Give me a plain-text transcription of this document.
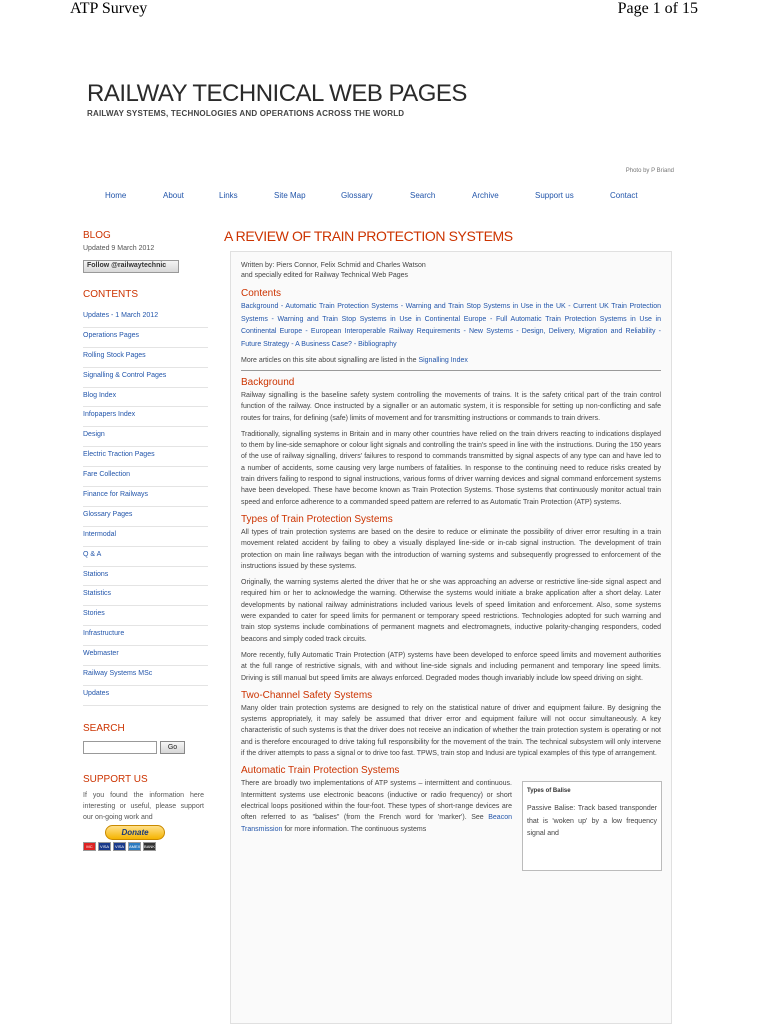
ATP Survey	Page 1 of 15
RAILWAY TECHNICAL WEB PAGES
RAILWAY SYSTEMS, TECHNOLOGIES AND OPERATIONS ACROSS THE WORLD
Photo by P Briand
Home	About	Links	Site Map	Glossary	Search	Archive	Support us	Contact
BLOG
Updated 9 March 2012
Follow @railwaytechnic
CONTENTS
Updates - 1 March 2012
Operations Pages
Rolling Stock Pages
Signalling & Control Pages
Blog Index
Infopapers Index
Design
Electric Traction Pages
Fare Collection
Finance for Railways
Glossary Pages
Intermodal
Q & A
Stations
Statistics
Stories
Infrastructure
Webmaster
Railway Systems MSc
Updates
SEARCH
Go
SUPPORT US
If you found the information here interesting or useful, please support our on-going work and
Donate
MC	VISA	VISA	AMEX BANK
A REVIEW OF TRAIN PROTECTION SYSTEMS
Written by: Piers Connor, Felix Schmid and Charles Watson
and specially edited for Railway Technical Web Pages
Contents
Background - Automatic Train Protection Systems - Warning and Train Stop Systems in Use in the UK - Current UK Train Protection Systems - Warning and Train Stop Systems in Use in Continental Europe - Full Automatic Train Protection Systems in Use in Continental Europe - European Interoperable Railway Requirements - New Systems - Design, Delivery, Migration and Reliability - Future Strategy - A Business Case? - Bibliography
More articles on this site about signalling are listed in the Signalling Index
Background
Railway signalling is the baseline safety system controlling the movements of trains. It is the safety critical part of the train control function of the railway. Once instructed by a signaller or an automatic system, it is responsible for setting up non-conflicting and safe routes for trains, for defining (safe) limits of movement and for transmitting instructions or commands to train drivers.
Traditionally, signalling systems in Britain and in many other countries have relied on the train drivers reacting to indications displayed to them by line-side semaphore or colour light signals and controlling the train's speed in line with the instructions. During the 150 years of the use of railway signalling, drivers' failures to respond to commands transmitted by signal aspects of any type can and have led to a number of accidents, some causing very large numbers of fatalities. In response to the continuing need to reduce risks created by train drivers failing to respond to signal instructions, various forms of driver warning devices and signal command enforcement systems have been developed. These have become known as Train Protection Systems. Those systems that continuously monitor actual train speed and enforce adherence to a commanded speed pattern are referred to as Automatic Train Protection (ATP) systems.
Types of Train Protection Systems
All types of train protection systems are based on the desire to reduce or eliminate the possibility of driver error resulting in a train movement related accident by failing to obey a visually displayed line-side or in-cab signal instruction. The development of train protection on main line railways began with the introduction of warning systems and subsequently progressed to enforcement of the instructions issued by these systems.
Originally, the warning systems alerted the driver that he or she was approaching an adverse or restrictive line-side signal aspect and required him or her to acknowledge the warning. Otherwise the systems would initiate a brake application after a short delay. Later developments by national railway administrations included various levels of speed limitation and enforcement. Also, some systems were expanded to cater for speed limits for permanent or temporary speed restrictions. Technologies adopted for such warning and train stop systems include combinations of permanent magnets and electromagnets, inductive polarity-changing responders, coded beacons and simply coded track circuits.
More recently, fully Automatic Train Protection (ATP) systems have been developed to enforce speed limits and movement authorities at the full range of restrictive signals, with and without line-side signals and including permanent and temporary line speed limits. Driving is still manual but speed limits are always enforced. Degraded modes though invariably include low speed driving on sight.
Two-Channel Safety Systems
Many older train protection systems are designed to rely on the statistical nature of driver and equipment failure. By designing the systems appropriately, it may safely be assumed that driver error and equipment failure will not occur simultaneously. A key characteristic of such systems is that the driver does not receive an indication of whether the train protection system is operating or not and is therefore encouraged to drive taking full responsibility for the movement of the train. The technical subsystem will only intervene if the driver attempts to pass a signal or to drive too fast. TPWS, train stop and Indusi are typical examples of this type of arrangement.
Automatic Train Protection Systems
There are broadly two implementations of ATP systems – intermittent and continuous. Intermittent systems use electronic beacons (inductive or radio frequency) or short electrical loops positioned within the four-foot. These types of short-range devices are often referred to as "balises" (from the French word for 'marker'). See Beacon Transmission for more information. The continuous systems
Types of Balise
Passive Balise: Track based transponder that is 'woken up' by a low frequency signal and
